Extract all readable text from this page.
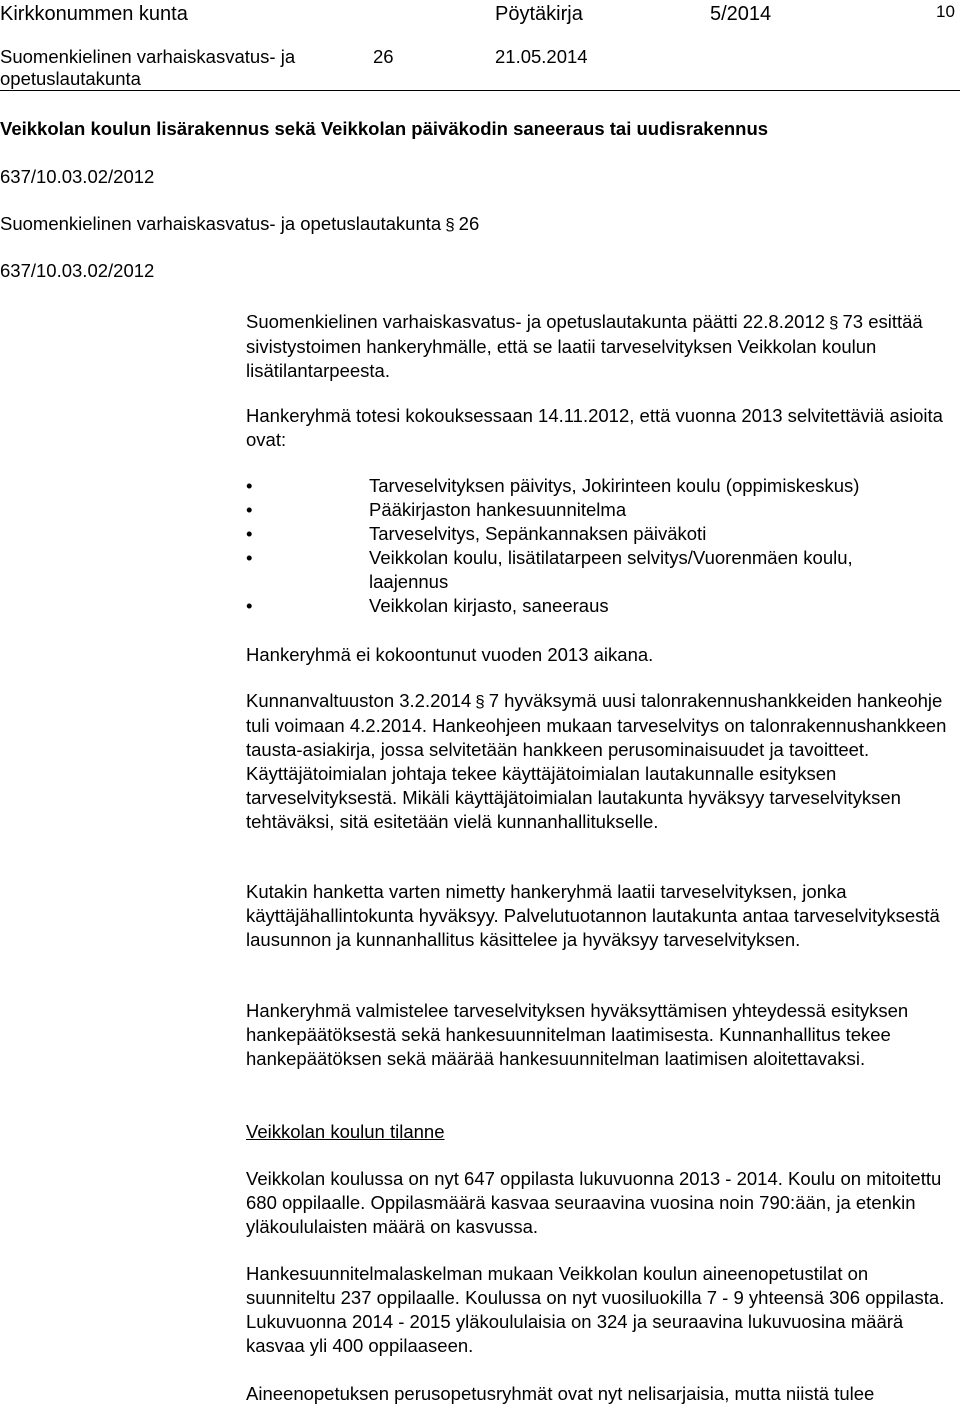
Kirkkonummen kunta	Pöytäkirja	5/2014	10
Suomenkielinen varhaiskasvatus- ja
opetuslautakunta
26	21.05.2014
Veikkolan koulun lisärakennus sekä Veikkolan päiväkodin saneeraus tai uudisrakennus
637/10.03.02/2012
Suomenkielinen varhaiskasvatus- ja opetuslautakunta § 26
637/10.03.02/2012

Suomenkielinen varhaiskasvatus- ja opetuslautakunta päätti 22.8.2012 § 73 esittää sivistystoimen hankeryhmälle, että se laatii tarveselvityksen Veikkolan koulun lisätilantarpeesta.

Hankeryhmä totesi kokouksessaan 14.11.2012, että vuonna 2013 selvitettäviä asioita ovat:

•	Tarveselvityksen päivitys, Jokirinteen koulu (oppimiskeskus)
•	Pääkirjaston hankesuunnitelma
•	Tarveselvitys, Sepänkannaksen päiväkoti
•	Veikkolan koulu, lisätilatarpeen selvitys/Vuorenmäen koulu, laajennus
•	Veikkolan kirjasto, saneeraus

Hankeryhmä ei kokoontunut vuoden 2013 aikana.

Kunnanvaltuuston 3.2.2014 § 7 hyväksymä uusi talonrakennushankkeiden hankeohje tuli voimaan 4.2.2014. Hankeohjeen mukaan tarveselvitys on talonrakennushankkeen tausta-asiakirja, jossa selvitetään hankkeen perusominaisuudet ja tavoitteet. Käyttäjätoimialan johtaja tekee käyttäjätoimialan lautakunnalle esityksen tarveselvityksestä. Mikäli käyttäjätoimialan lautakunta hyväksyy tarveselvityksen tehtäväksi, sitä esitetään vielä kunnanhallitukselle.

Kutakin hanketta varten nimetty hankeryhmä laatii tarveselvityksen, jonka käyttäjähallintokunta hyväksyy. Palvelutuotannon lautakunta antaa tarveselvityksestä lausunnon ja kunnanhallitus käsittelee ja hyväksyy tarveselvityksen.

Hankeryhmä valmistelee tarveselvityksen hyväksyttämisen yhteydessä esityksen hankepäätöksestä sekä hankesuunnitelman laatimisesta. Kunnanhallitus tekee hankepäätöksen sekä määrää hankesuunnitelman laatimisen aloitettavaksi.

Veikkolan koulun tilanne

Veikkolan koulussa on nyt 647 oppilasta lukuvuonna 2013 - 2014. Koulu on mitoitettu 680 oppilaalle. Oppilasmäärä kasvaa seuraavina vuosina noin 790:ään, ja etenkin yläkoululaisten määrä on kasvussa.

Hankesuunnitelmalaskelman mukaan Veikkolan koulun aineenopetustilat on suunniteltu 237 oppilaalle. Koulussa on nyt vuosiluokilla 7 - 9 yhteensä 306 oppilasta. Lukuvuonna 2014 - 2015 yläkoululaisia on 324 ja seuraavina lukuvuosina määrä kasvaa yli 400 oppilaaseen.

Aineenopetuksen perusopetusryhmät ovat nyt nelisarjaisia, mutta niistä tulee
